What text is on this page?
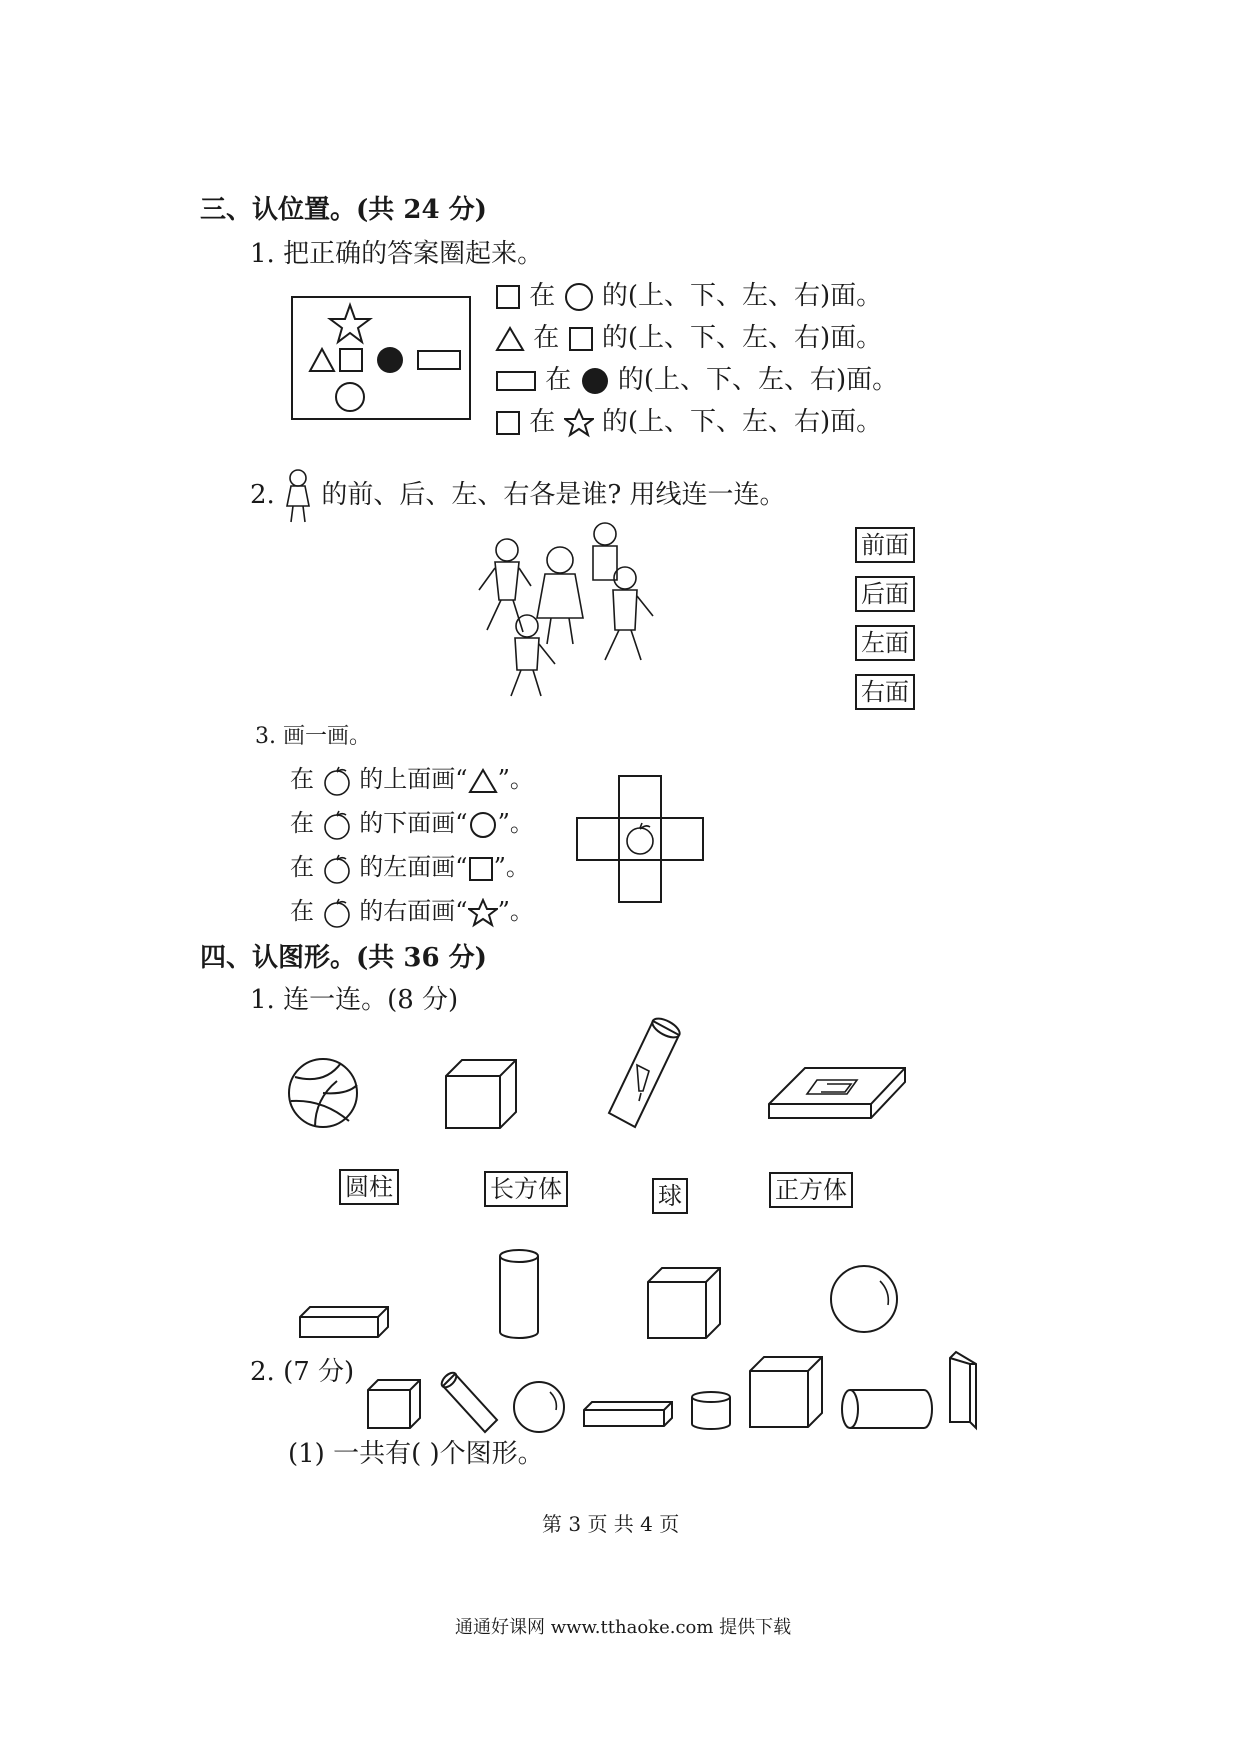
三、认位置。(共 24 分)
1. 把正确的答案圈起来。
在 的(上、下、左、右)面。
在 的(上、下、左、右)面。
在 的(上、下、左、右)面。
在 的(上、下、左、右)面。
2. 的前、后、左、右各是谁? 用线连一连。
前面
后面
左面
右面
3. 画一画。
在 的上面画“ ”。
在 的下面画“ ”。
在 的左面画“ ”。
在 的右面画“ ”。
四、认图形。(共 36 分)
1. 连一连。(8 分)
圆柱	长方体	球	正方体
2. (7 分)
(1) 一共有( )个图形。
第 3 页 共 4 页
通通好课网 www.tthaoke.com 提供下载
